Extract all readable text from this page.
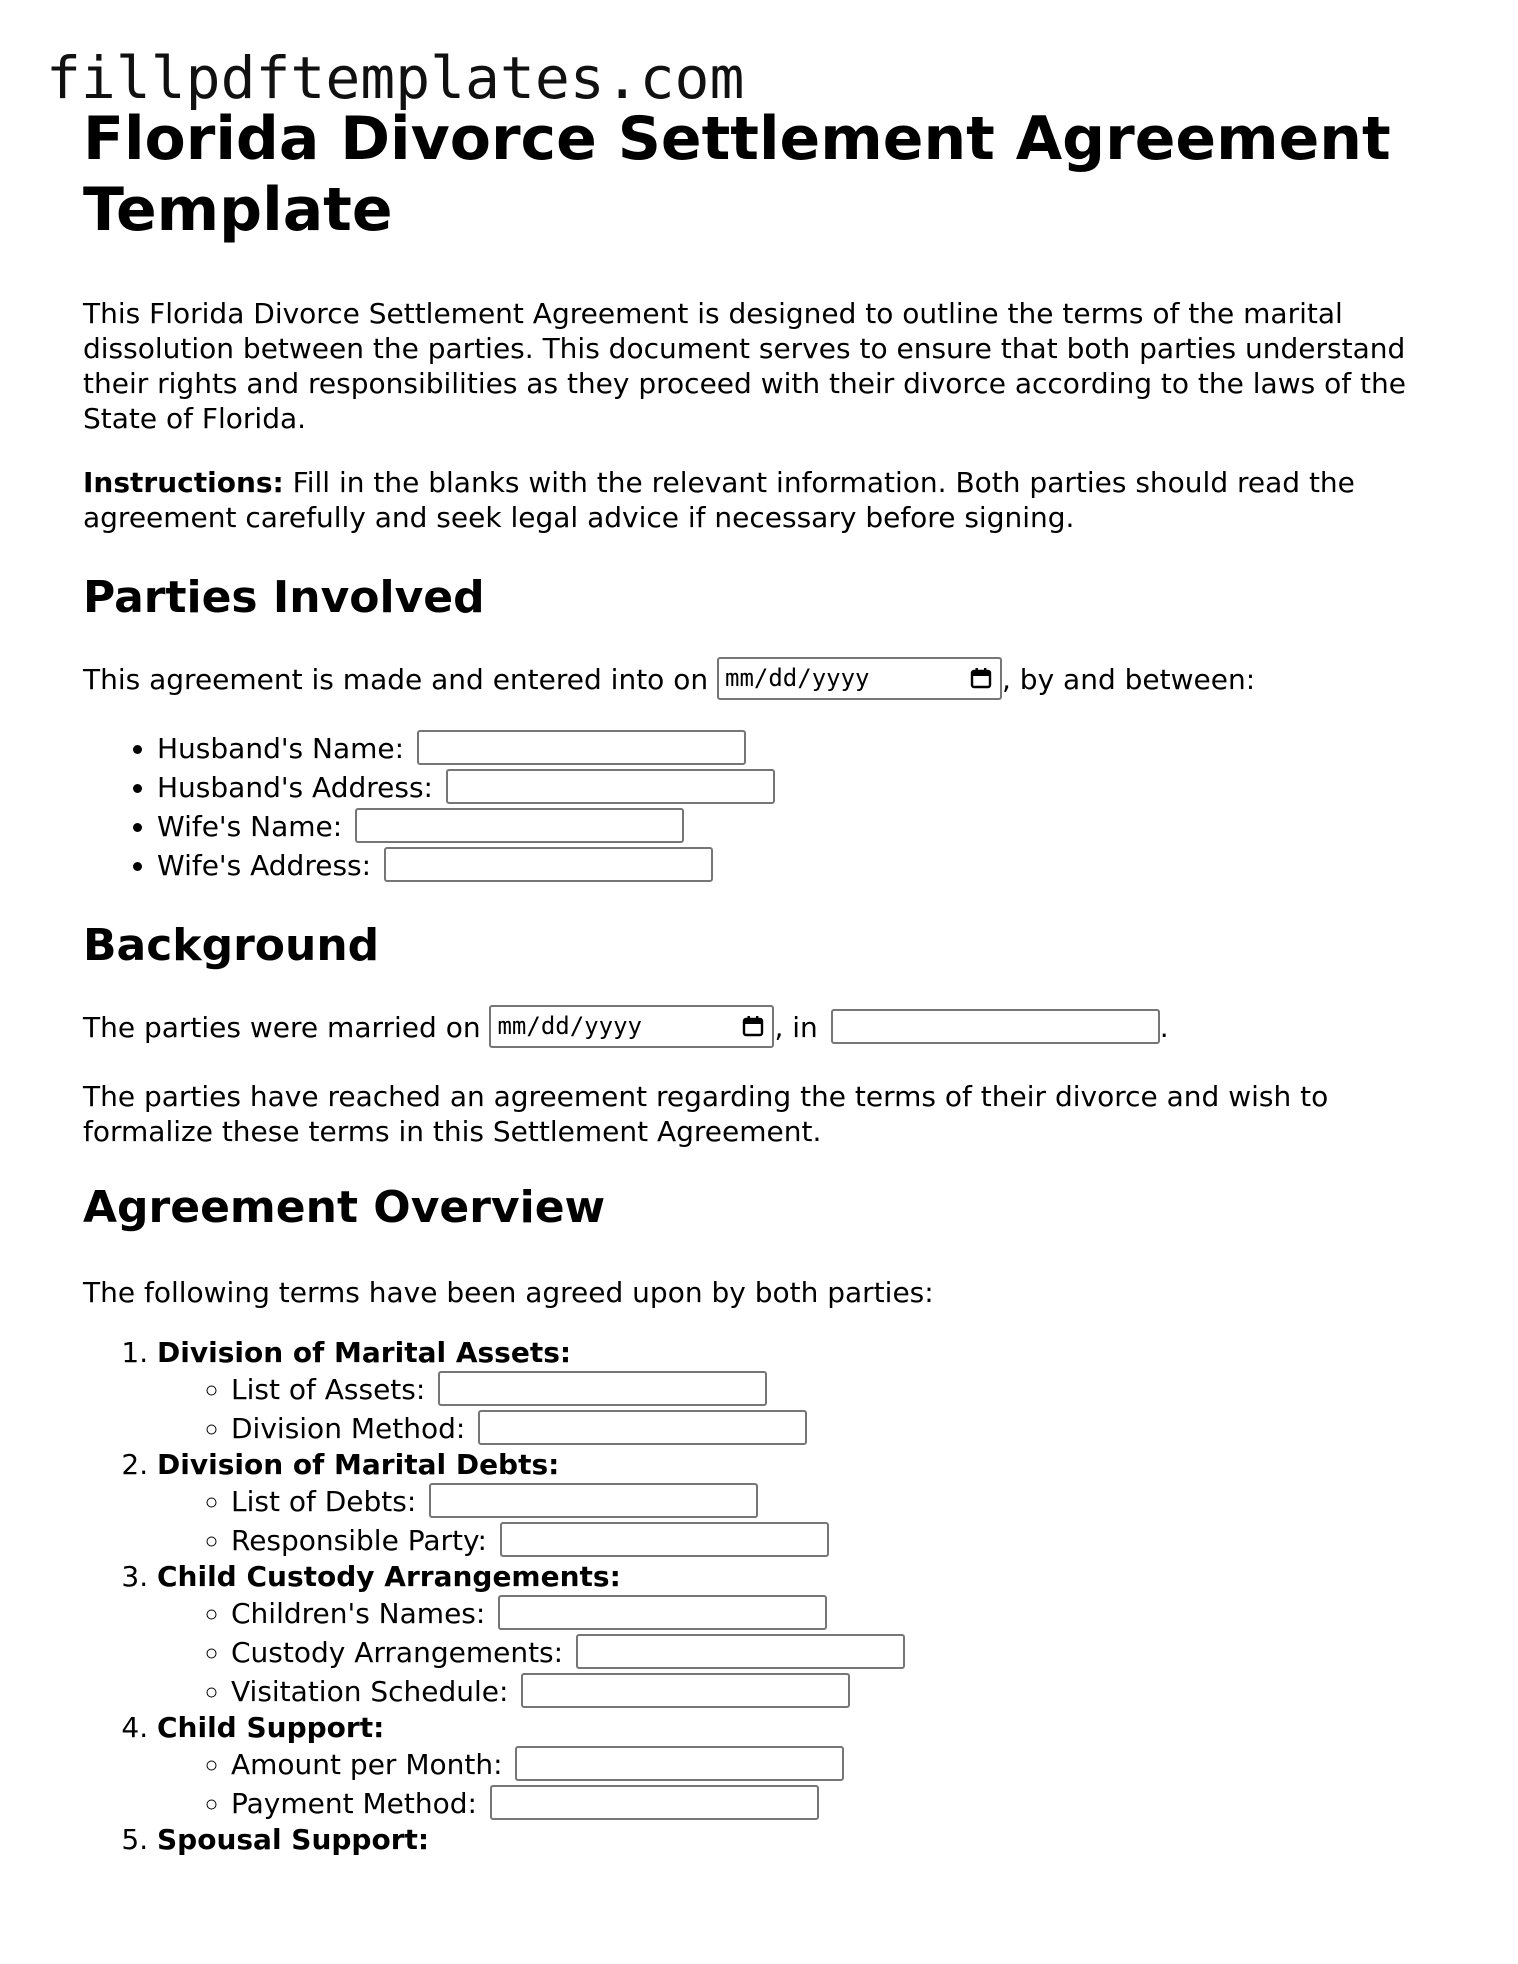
fillpdftemplates.com
Florida Divorce Settlement Agreement Template

This Florida Divorce Settlement Agreement is designed to outline the terms of the marital dissolution between the parties. This document serves to ensure that both parties understand their rights and responsibilities as they proceed with their divorce according to the laws of the State of Florida.

Instructions: Fill in the blanks with the relevant information. Both parties should read the agreement carefully and seek legal advice if necessary before signing.

Parties Involved
This agreement is made and entered into on mm/dd/yyyy	, by and between:
• Husband's Name:
• Husband's Address:
• Wife's Name:
• Wife's Address:
Background
The parties were married on mm/dd/yyyy	, in	.

The parties have reached an agreement regarding the terms of their divorce and wish to formalize these terms in this Settlement Agreement.

Agreement Overview

The following terms have been agreed upon by both parties:

1. Division of Marital Assets:
◦ List of Assets:
◦ Division Method:
2. Division of Marital Debts:
◦ List of Debts:
◦ Responsible Party:
3. Child Custody Arrangements:
◦ Children's Names:
◦ Custody Arrangements:
◦ Visitation Schedule:
4. Child Support:
◦ Amount per Month:
◦ Payment Method:
5. Spousal Support:
